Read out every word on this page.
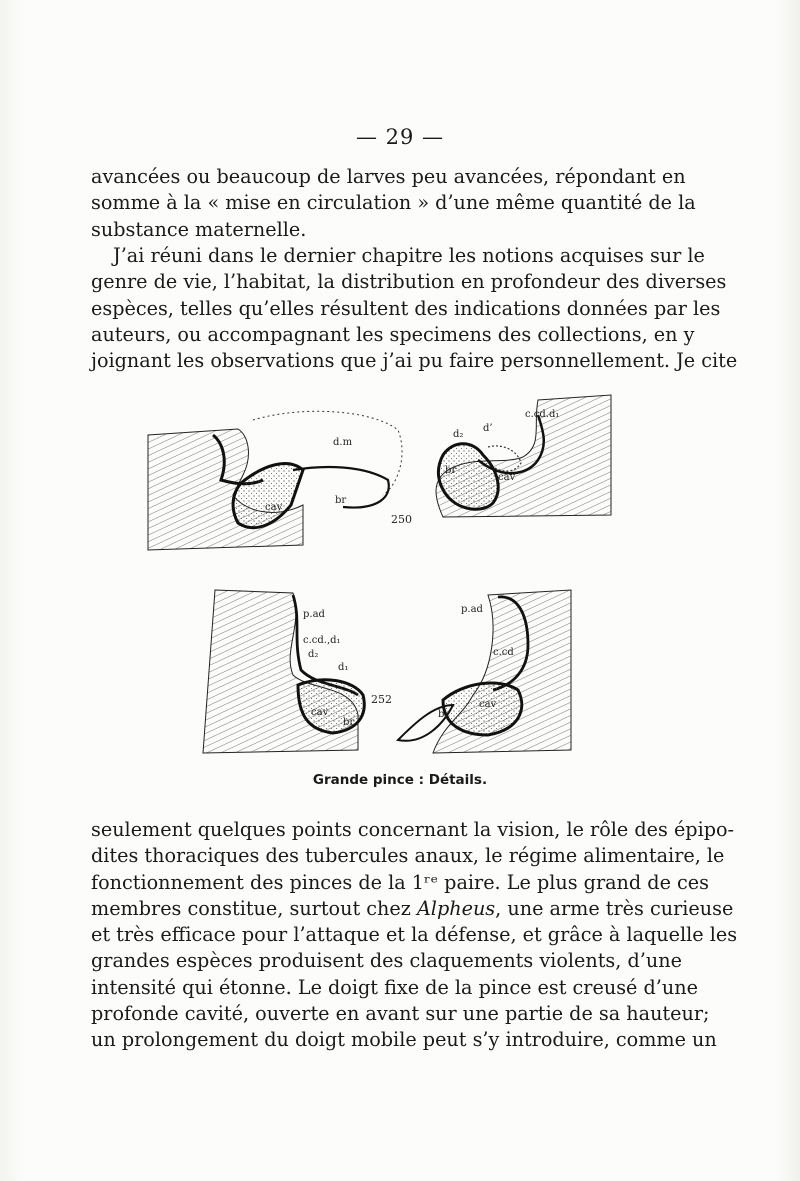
— 29 —

avancées ou beaucoup de larves peu avancées, répondant en
somme à la « mise en circulation » d’une même quantité de la
substance maternelle.

J’ai réuni dans le dernier chapitre les notions acquises sur le
genre de vie, l’habitat, la distribution en profondeur des diverses
espèces, telles qu’elles résultent des indications données par les
auteurs, ou accompagnant les specimens des collections, en y
joignant les observations que j’ai pu faire personnellement. Je cite

d.m
br
cav
cav
c.cd.d₁
d₂
d’
br
250
p.ad
c.cd.,d₁
d₂
d₁
cav
br
p.ad
c.cd
cav
br
252
Grande pince : Détails.

seulement quelques points concernant la vision, le rôle des épipo-
dites thoraciques des tubercules anaux, le régime alimentaire, le
fonctionnement des pinces de la 1ʳᵉ paire. Le plus grand de ces
membres constitue, surtout chez Alpheus, une arme très curieuse
et très efficace pour l’attaque et la défense, et grâce à laquelle les
grandes espèces produisent des claquements violents, d’une
intensité qui étonne. Le doigt fixe de la pince est creusé d’une
profonde cavité, ouverte en avant sur une partie de sa hauteur;
un prolongement du doigt mobile peut s’y introduire, comme un
